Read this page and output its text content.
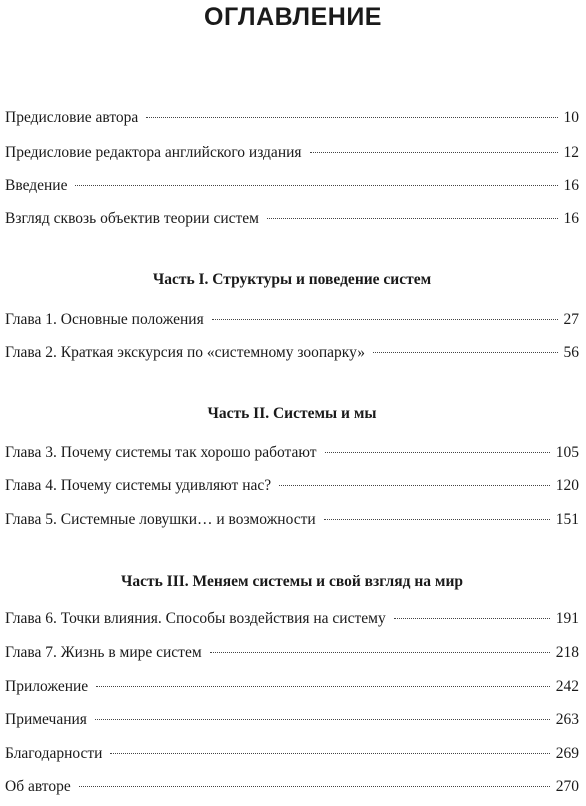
ОГЛАВЛЕНИЕ
Предисловие автора	10
Предисловие редактора английского издания	12
Введение	16
Взгляд сквозь объектив теории систем	16
Часть I. Структуры и поведение систем
Глава 1. Основные положения	27
Глава 2. Краткая экскурсия по «системному зоопарку»	56
Часть II. Системы и мы
Глава 3. Почему системы так хорошо работают	105
Глава 4. Почему системы удивляют нас?	120
Глава 5. Системные ловушки… и возможности	151
Часть III. Меняем системы и свой взгляд на мир
Глава 6. Точки влияния. Способы воздействия на систему	191
Глава 7. Жизнь в мире систем	218
Приложение	242
Примечания	263
Благодарности	269
Об авторе	270
